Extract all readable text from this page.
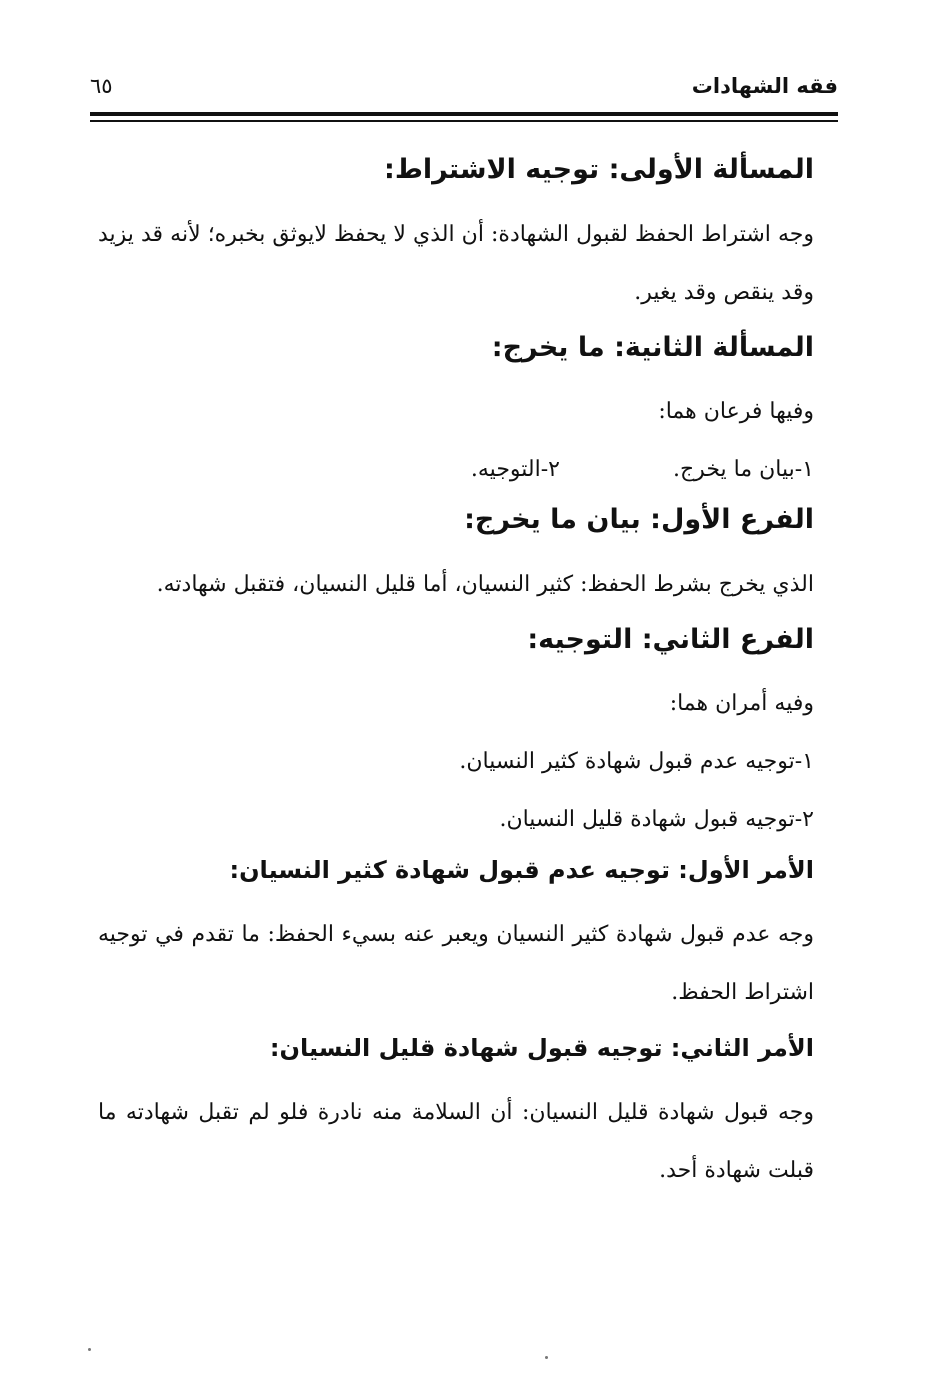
فقه الشهادات
٦٥
المسألة الأولى: توجيه الاشتراط:
وجه اشتراط الحفظ لقبول الشهادة: أن الذي لا يحفظ لايوثق بخبره؛ لأنه قد يزيد وقد ينقص وقد يغير.
المسألة الثانية: ما يخرج:
وفيها فرعان هما:
١-بيان ما يخرج.
٢-التوجيه.
الفرع الأول: بيان ما يخرج:
الذي يخرج بشرط الحفظ: كثير النسيان، أما قليل النسيان، فتقبل شهادته.
الفرع الثاني: التوجيه:
وفيه أمران هما:
١-توجيه عدم قبول شهادة كثير النسيان.
٢-توجيه قبول شهادة قليل النسيان.
الأمر الأول: توجيه عدم قبول شهادة كثير النسيان:
وجه عدم قبول شهادة كثير النسيان ويعبر عنه بسيء الحفظ: ما تقدم في توجيه اشتراط الحفظ.
الأمر الثاني: توجيه قبول شهادة قليل النسيان:
وجه قبول شهادة قليل النسيان: أن السلامة منه نادرة فلو لم تقبل شهادته ما قبلت شهادة أحد.
